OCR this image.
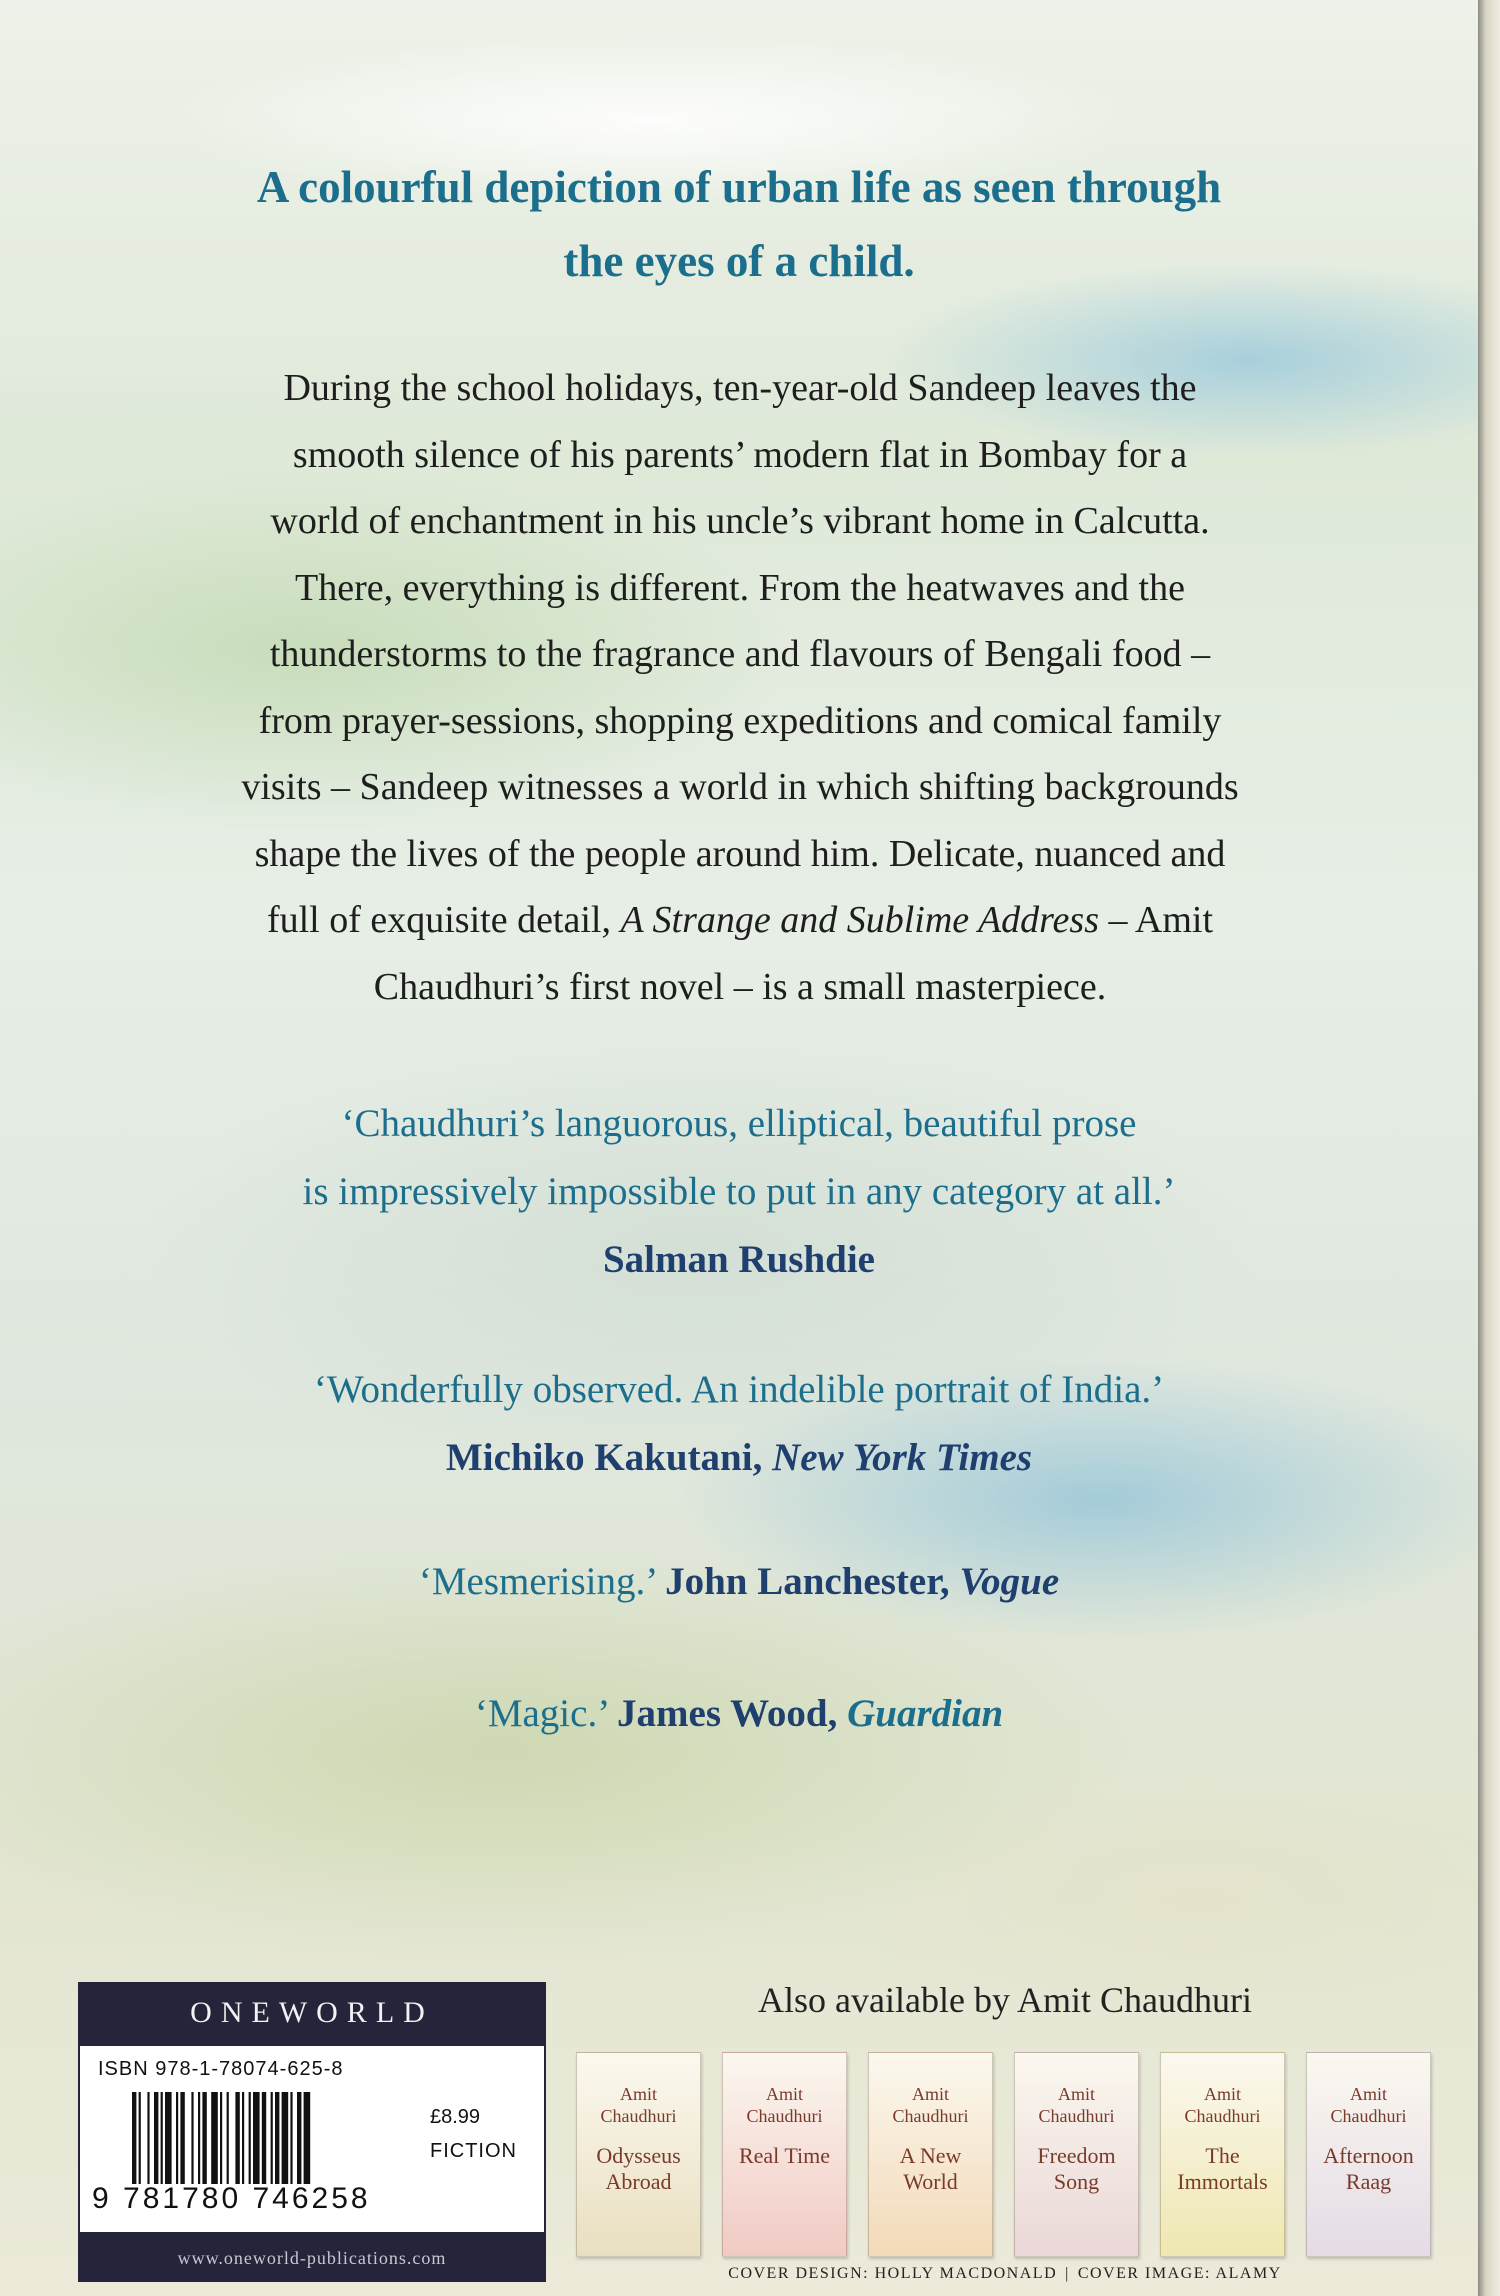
A colourful depiction of urban life as seen through
the eyes of a child.

During the school holidays, ten-year-old Sandeep leaves the

smooth silence of his parents’ modern flat in Bombay for a

world of enchantment in his uncle’s vibrant home in Calcutta.

There, everything is different. From the heatwaves and the

thunderstorms to the fragrance and flavours of Bengali food –

from prayer-sessions, shopping expeditions and comical family

visits – Sandeep witnesses a world in which shifting backgrounds

shape the lives of the people around him. Delicate, nuanced and

full of exquisite detail, A Strange and Sublime Address – Amit

Chaudhuri’s first novel – is a small masterpiece.

‘Chaudhuri’s languorous, elliptical, beautiful prose

is impressively impossible to put in any category at all.’

Salman Rushdie

‘Wonderfully observed. An indelible portrait of India.’

Michiko Kakutani, New York Times

‘Mesmerising.’ John Lanchester, Vogue

‘Magic.’ James Wood, Guardian

ONEWORLD
ISBN 978-1-78074-625-8
9 781780 746258
£8.99
FICTION
www.oneworld-publications.com
Also available by Amit Chaudhuri
Amit Chaudhuri
Odysseus Abroad
Amit Chaudhuri
Real Time
Amit Chaudhuri
A New World
Amit Chaudhuri
Freedom Song
Amit Chaudhuri
The Immortals
Amit Chaudhuri
Afternoon Raag
COVER DESIGN: HOLLY MACDONALD | COVER IMAGE: ALAMY
